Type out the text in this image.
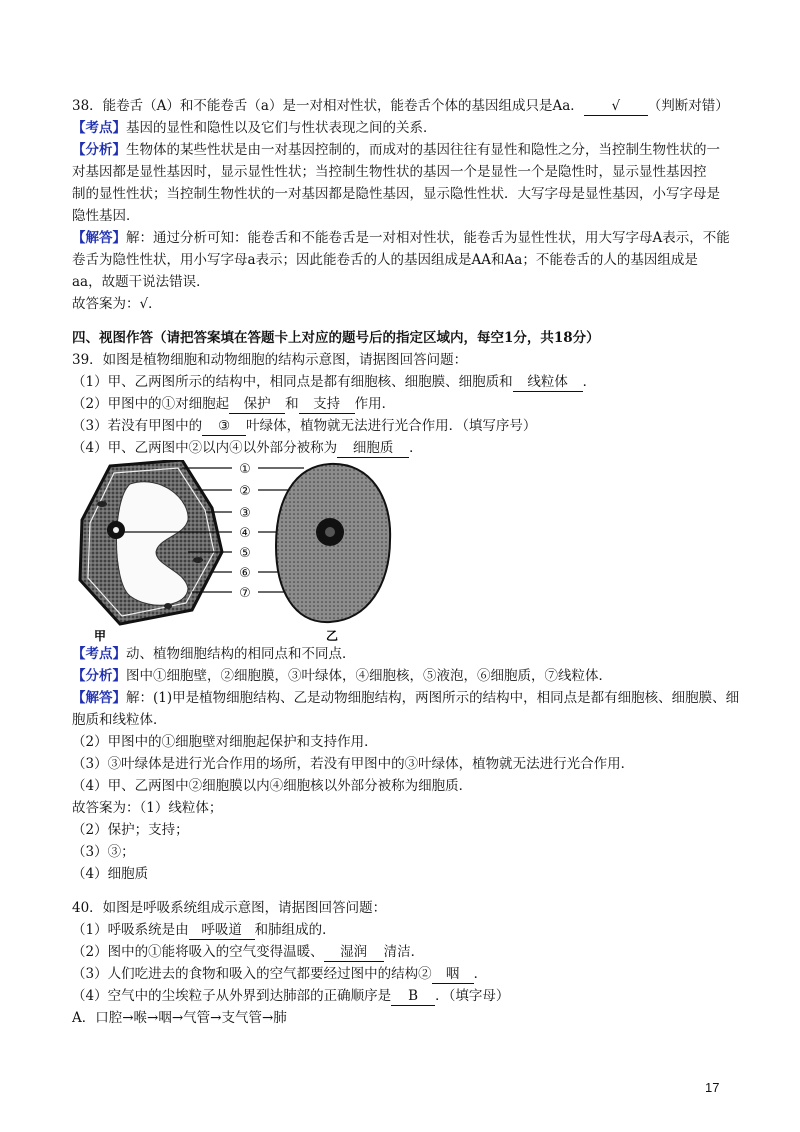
38．能卷舌（A）和不能卷舌（a）是一对相对性状，能卷舌个体的基因组成只是Aa． √ （判断对错）
【考点】基因的显性和隐性以及它们与性状表现之间的关系．
【分析】生物体的某些性状是由一对基因控制的，而成对的基因往往有显性和隐性之分，当控制生物性状的一
对基因都是显性基因时，显示显性性状；当控制生物性状的基因一个是显性一个是隐性时，显示显性基因控
制的显性性状；当控制生物性状的一对基因都是隐性基因，显示隐性性状．大写字母是显性基因，小写字母是
隐性基因．
【解答】解：通过分析可知：能卷舌和不能卷舌是一对相对性状，能卷舌为显性性状，用大写字母A表示，不能
卷舌为隐性性状，用小写字母a表示；因此能卷舌的人的基因组成是AA和Aa；不能卷舌的人的基因组成是
aa，故题干说法错误．
故答案为：√．
四、视图作答（请把答案填在答题卡上对应的题号后的指定区域内，每空1分，共18分）
39．如图是植物细胞和动物细胞的结构示意图，请据图回答问题：
（1）甲、乙两图所示的结构中，相同点是都有细胞核、细胞膜、细胞质和 线粒体 ．
（2）甲图中的①对细胞起 保护 和 支持 作用．
（3）若没有甲图中的 ③ 叶绿体，植物就无法进行光合作用．（填写序号）
（4）甲、乙两图中②以内④以外部分被称为 细胞质 ．
①
②
③
④
⑤
⑥
⑦
甲	乙
【考点】动、植物细胞结构的相同点和不同点．
【分析】图中①细胞壁，②细胞膜，③叶绿体，④细胞核，⑤液泡，⑥细胞质，⑦线粒体．
【解答】解：(1)甲是植物细胞结构、乙是动物细胞结构，两图所示的结构中，相同点是都有细胞核、细胞膜、细
胞质和线粒体．
（2）甲图中的①细胞壁对细胞起保护和支持作用．
（3）③叶绿体是进行光合作用的场所，若没有甲图中的③叶绿体，植物就无法进行光合作用．
（4）甲、乙两图中②细胞膜以内④细胞核以外部分被称为细胞质．
故答案为：（1）线粒体；
（2）保护；支持；
（3）③；
（4）细胞质
40．如图是呼吸系统组成示意图，请据图回答问题：
（1）呼吸系统是由 呼吸道 和肺组成的．
（2）图中的①能将吸入的空气变得温暖、 湿润 清洁．
（3）人们吃进去的食物和吸入的空气都要经过图中的结构② 咽 ．
（4）空气中的尘埃粒子从外界到达肺部的正确顺序是 B ．（填字母）
A．口腔→喉→咽→气管→支气管→肺
17
